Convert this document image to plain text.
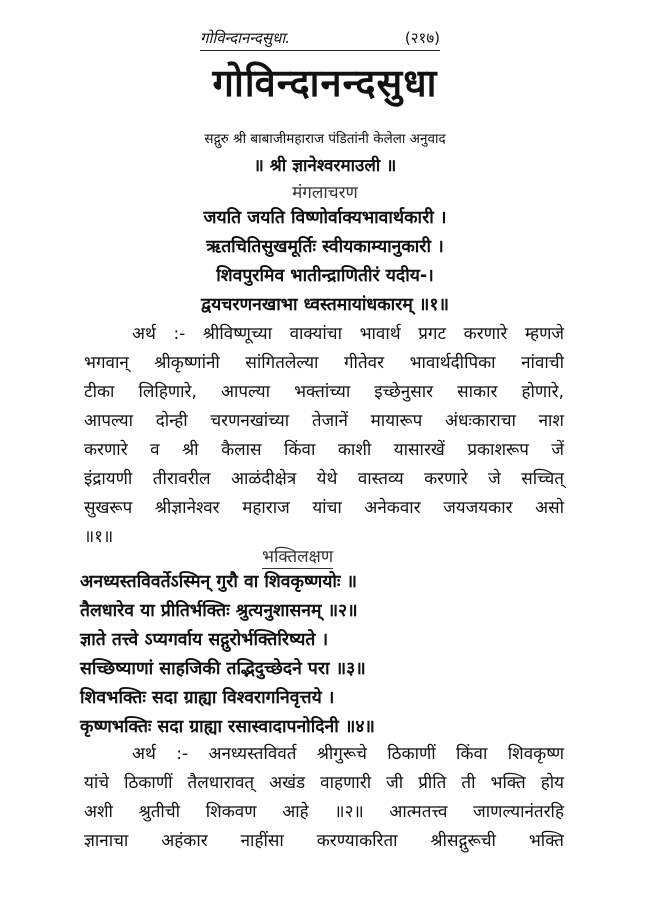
गोविन्दानन्दसुधा.	(२१७)
गोविन्दानन्दसुधा
सद्गुरु श्री बाबाजीमहाराज पंडितांनी केलेला अनुवाद
॥ श्री ज्ञानेश्वरमाउली ॥
मंगलाचरण
जयति जयति विष्णोर्वाक्यभावार्थकारी ।
ऋतचितिसुखमूर्तिः स्वीयकाम्यानुकारी ।
शिवपुरमिव भातीन्द्राणितीरं यदीय-।
द्वयचरणनखाभा ध्वस्तमायांधकारम् ॥१॥
अर्थ :- श्रीविष्णूच्या वाक्यांचा भावार्थ प्रगट करणारे म्हणजे
भगवान् श्रीकृष्णांनी सांगितलेल्या गीतेवर भावार्थदीपिका नांवाची
टीका लिहिणारे, आपल्या भक्तांच्या इच्छेनुसार साकार होणारे,
आपल्या दोन्ही चरणनखांच्या तेजानें मायारूप अंधःकाराचा नाश
करणारे व श्री कैलास किंवा काशी यासारखें प्रकाशरूप जें
इंद्रायणी तीरावरील आळंदीक्षेत्र येथे वास्तव्य करणारे जे सच्चित्
सुखरूप श्रीज्ञानेश्वर महाराज यांचा अनेकवार जयजयकार असो
॥१॥
भक्तिलक्षण
अनध्यस्तविवर्तेऽस्मिन् गुरौ वा शिवकृष्णयोः ॥
तैलधारेव या प्रीतिर्भक्तिः श्रुत्यनुशासनम् ॥२॥
ज्ञाते तत्त्वे ऽप्यगर्वाय सद्गुरोर्भक्तिरिष्यते ।
सच्छिष्याणां साहजिकी तद्भिदुच्छेदने परा ॥३॥
शिवभक्तिः सदा ग्राह्या विश्वरागनिवृत्तये ।
कृष्णभक्तिः सदा ग्राह्या रसास्वादापनोदिनी ॥४॥
अर्थ :- अनध्यस्तविवर्त श्रीगुरूचे ठिकाणीं किंवा शिवकृष्ण
यांचे ठिकाणीं तैलधारावत् अखंड वाहणारी जी प्रीति ती भक्ति होय
अशी श्रुतीची शिकवण आहे ॥२॥ आत्मतत्त्व जाणल्यानंतरहि
ज्ञानाचा अहंकार नाहींसा करण्याकरिता श्रीसद्गुरूची भक्ति
